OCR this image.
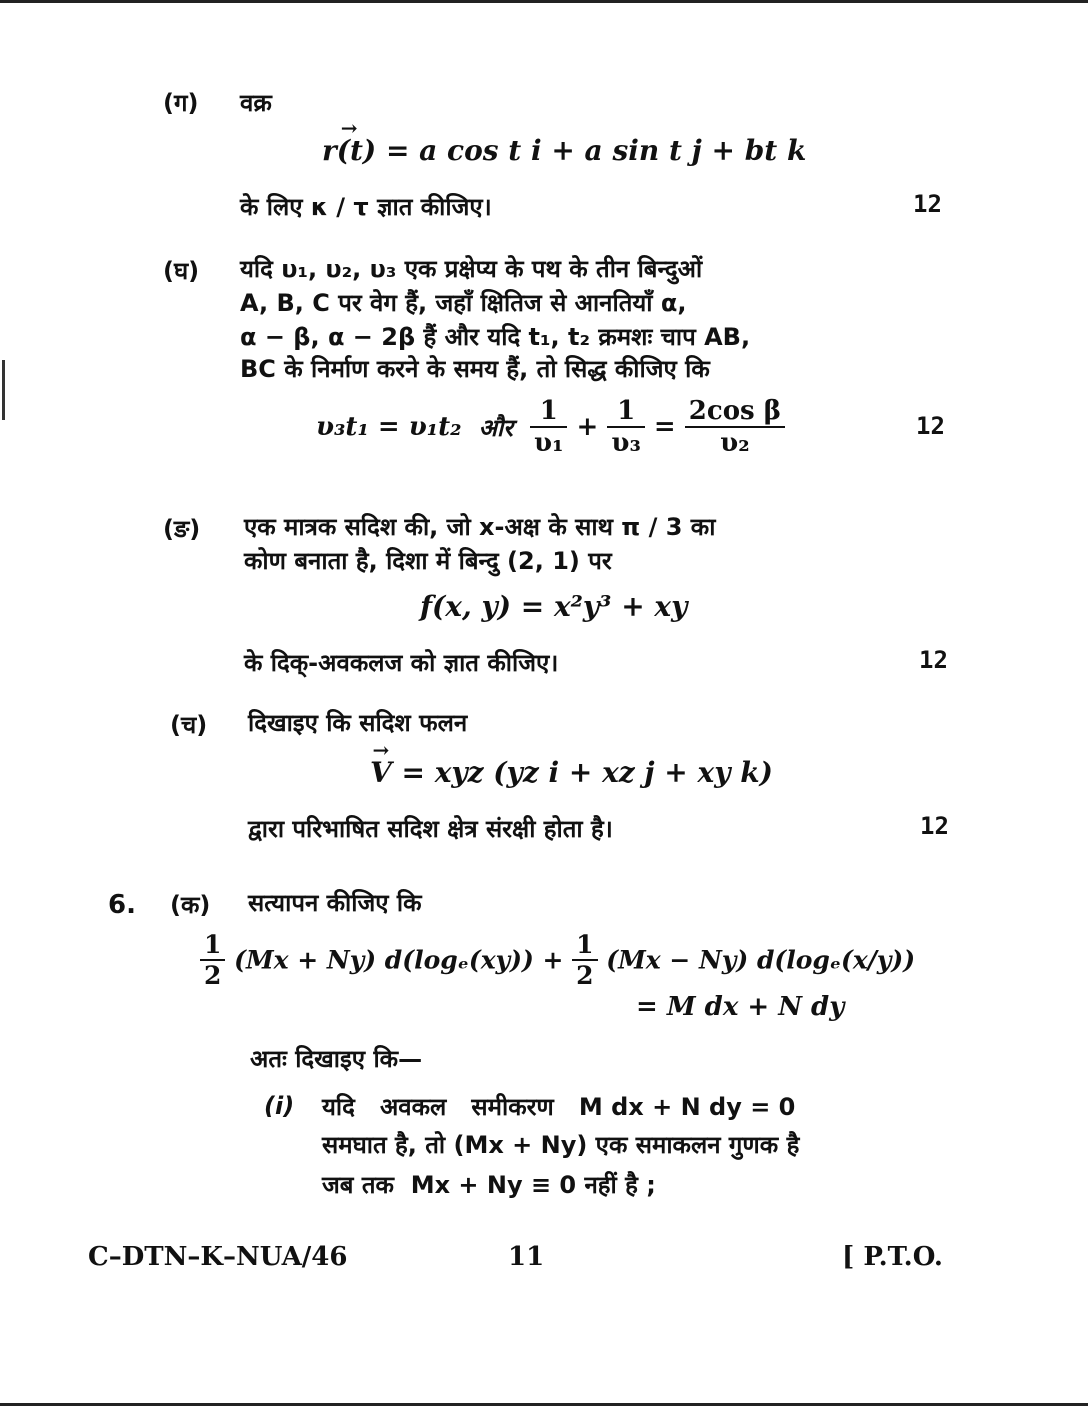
(ग) वक्र
→ r(t) = a cos t i + a sin t j + bt k
के लिए κ / τ ज्ञात कीजिए।	12
(घ) यदि υ₁, υ₂, υ₃ एक प्रक्षेप्य के पथ के तीन बिन्दुओं
A, B, C पर वेग हैं, जहाँ क्षितिज से आनतियाँ α,
α − β, α − 2β हैं और यदि t₁, t₂ क्रमशः चाप AB,
BC के निर्माण करने के समय हैं, तो सिद्ध कीजिए कि
υ₃t₁ = υ₁t₂ और $\frac{1}{\text{υ₁}} + \frac{1}{\text{υ₃}} = \frac{\text{2cos β}}{\text{υ₂}}$	12
(ङ) एक मात्रक सदिश की, जो x-अक्ष के साथ π / 3 का
कोण बनाता है, दिशा में बिन्दु (2, 1) पर
f(x, y) = x²y³ + xy
के दिक्-अवकलज को ज्ञात कीजिए।	12
(च) दिखाइए कि सदिश फलन
→ V = xyz (yz i + xz j + xy k)
द्वारा परिभाषित सदिश क्षेत्र संरक्षी होता है।	12
6. (क) सत्यापन कीजिए कि
$\frac{1}{2} (Mx + Ny) d(\log_e(xy)) + \frac{1}{2} (Mx - Ny)$ d(logₑ(x/y))
= M dx + N dy
अतः दिखाइए कि—
(i) यदि   अवकल   समीकरण   M dx + N dy = 0
समघात है, तो (Mx + Ny) एक समाकलन गुणक है
जब तक  Mx + Ny ≡ 0 नहीं है ;
C–DTN–K–NUA/46	11	[ P.T.O.
